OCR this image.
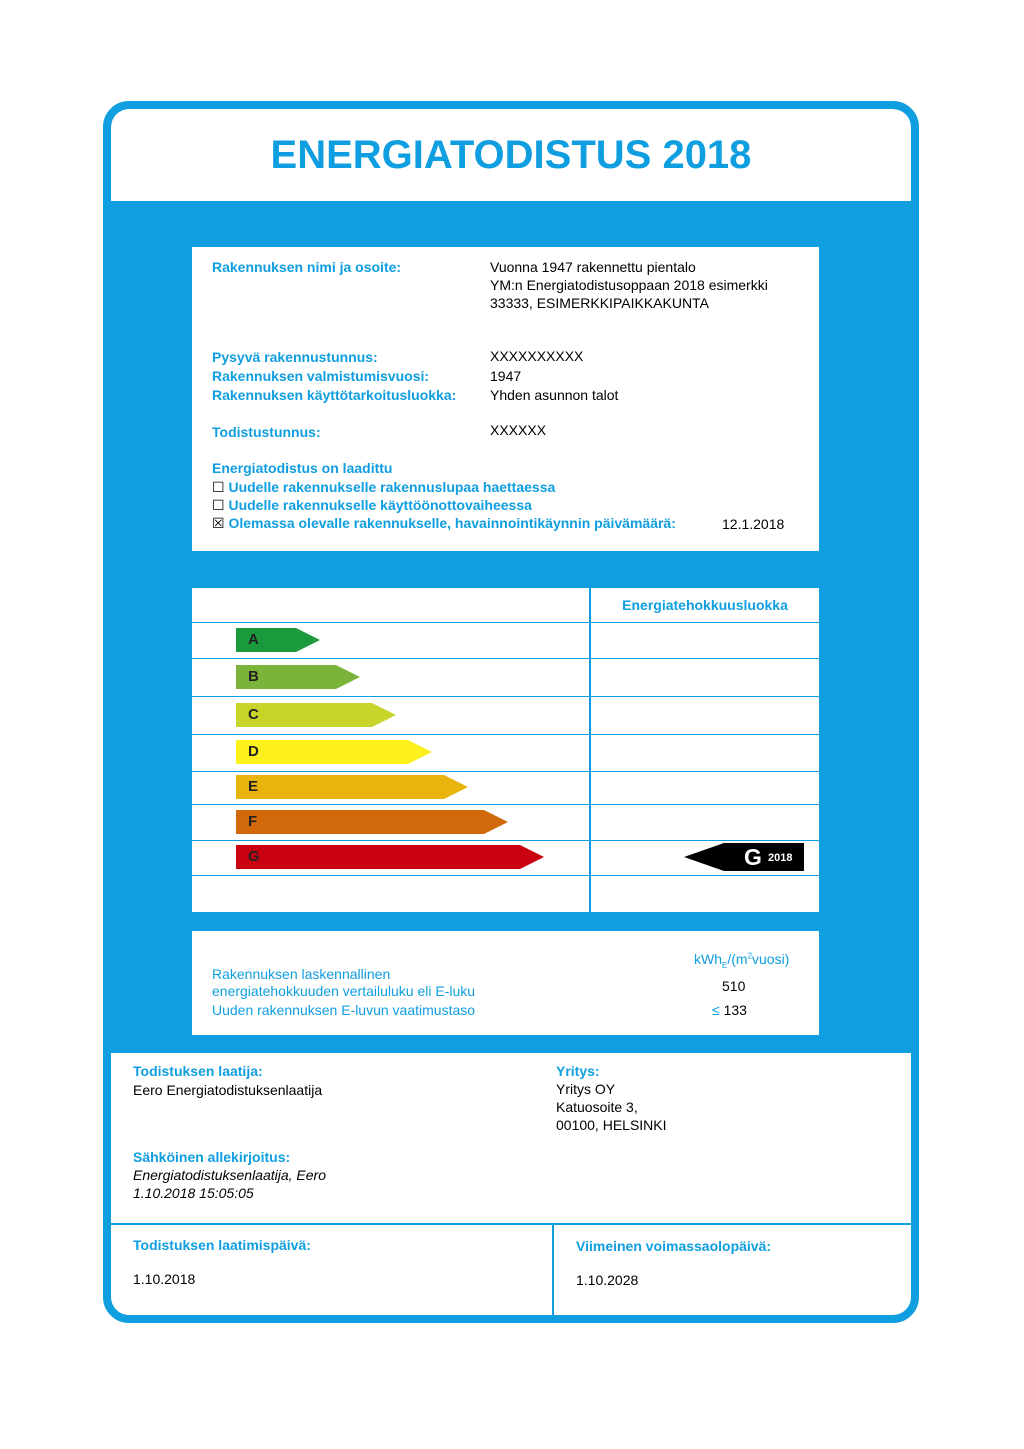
ENERGIATODISTUS 2018
Rakennuksen nimi ja osoite:	Vuonna 1947 rakennettu pientalo
YM:n Energiatodistusoppaan 2018 esimerkki
33333, ESIMERKKIPAIKKAKUNTA
Pysyvä rakennustunnus:	XXXXXXXXXX
Rakennuksen valmistumisvuosi:	1947
Rakennuksen käyttötarkoitusluokka: Yhden asunnon talot
Todistustunnus:	XXXXXX
Energiatodistus on laadittu
☐ Uudelle rakennukselle rakennuslupaa haettaessa
☐ Uudelle rakennukselle käyttöönottovaiheessa
☒ Olemassa olevalle rakennukselle, havainnointikäynnin päivämäärä:	12.1.2018
Energiatehokkuusluokka
A
B
C
D
E
F
G	G 2018
$kWh_E/(m^2vuosi)$
Rakennuksen laskennallinen
energiatehokkuuden vertailuluku eli E-luku	510
Uuden rakennuksen E-luvun vaatimustaso	≤ 133
Todistuksen laatija:
Eero Energiatodistuksenlaatija
Yritys:
Yritys OY
Katuosoite 3,
00100, HELSINKI
Sähköinen allekirjoitus:
Energiatodistuksenlaatija, Eero
1.10.2018 15:05:05
Todistuksen laatimispäivä:
1.10.2018
Viimeinen voimassaolopäivä:
1.10.2028
